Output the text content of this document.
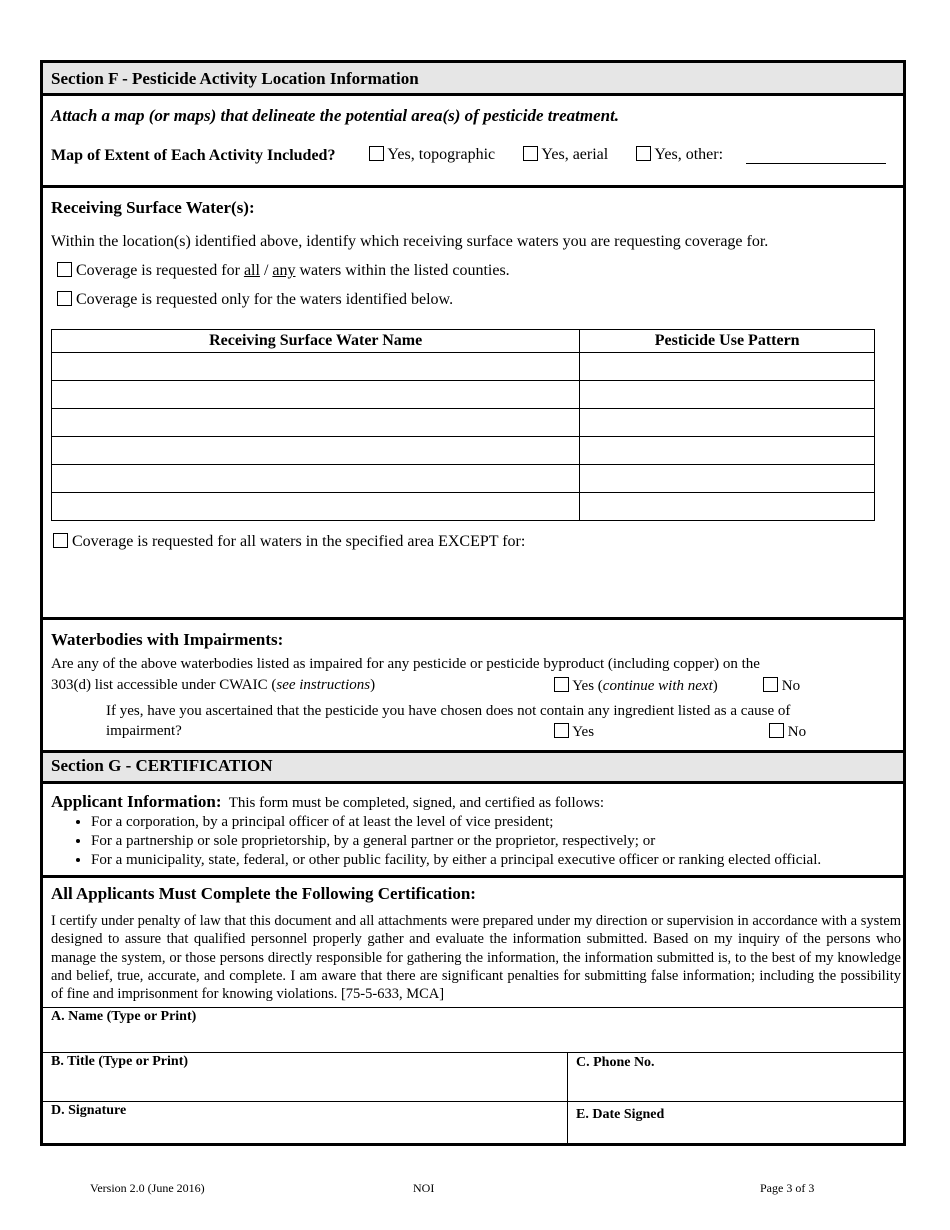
Section F - Pesticide Activity Location Information
Attach a map (or maps) that delineate the potential area(s) of pesticide treatment.
Map of Extent of Each Activity Included?	Yes, topographic	Yes, aerial	Yes, other:
Receiving Surface Water(s):
Within the location(s) identified above, identify which receiving surface waters you are requesting coverage for.
Coverage is requested for all / any waters within the listed counties.
Coverage is requested only for the waters identified below.
Receiving Surface Water Name	Pesticide Use Pattern

Coverage is requested for all waters in the specified area EXCEPT for:
Waterbodies with Impairments:
Are any of the above waterbodies listed as impaired for any pesticide or pesticide byproduct (including copper) on the
303(d) list accessible under CWAIC (see instructions)	Yes (continue with next)	No
If yes, have you ascertained that the pesticide you have chosen does not contain any ingredient listed as a cause of
impairment?	Yes	No
Section G - CERTIFICATION
Applicant Information: This form must be completed, signed, and certified as follows:
• For a corporation, by a principal officer of at least the level of vice president;
• For a partnership or sole proprietorship, by a general partner or the proprietor, respectively; or
• For a municipality, state, federal, or other public facility, by either a principal executive officer or ranking elected official.
All Applicants Must Complete the Following Certification:
I certify under penalty of law that this document and all attachments were prepared under my direction or supervision in accordance with a system designed to assure that qualified personnel properly gather and evaluate the information submitted. Based on my inquiry of the persons who manage the system, or those persons directly responsible for gathering the information, the information submitted is, to the best of my knowledge and belief, true, accurate, and complete. I am aware that there are significant penalties for submitting false information; including the possibility of fine and imprisonment for knowing violations. [75-5-633, MCA]
A. Name (Type or Print)
B. Title (Type or Print)	C. Phone No.
D. Signature	E. Date Signed
Version 2.0 (June 2016)	NOI	Page 3 of 3
